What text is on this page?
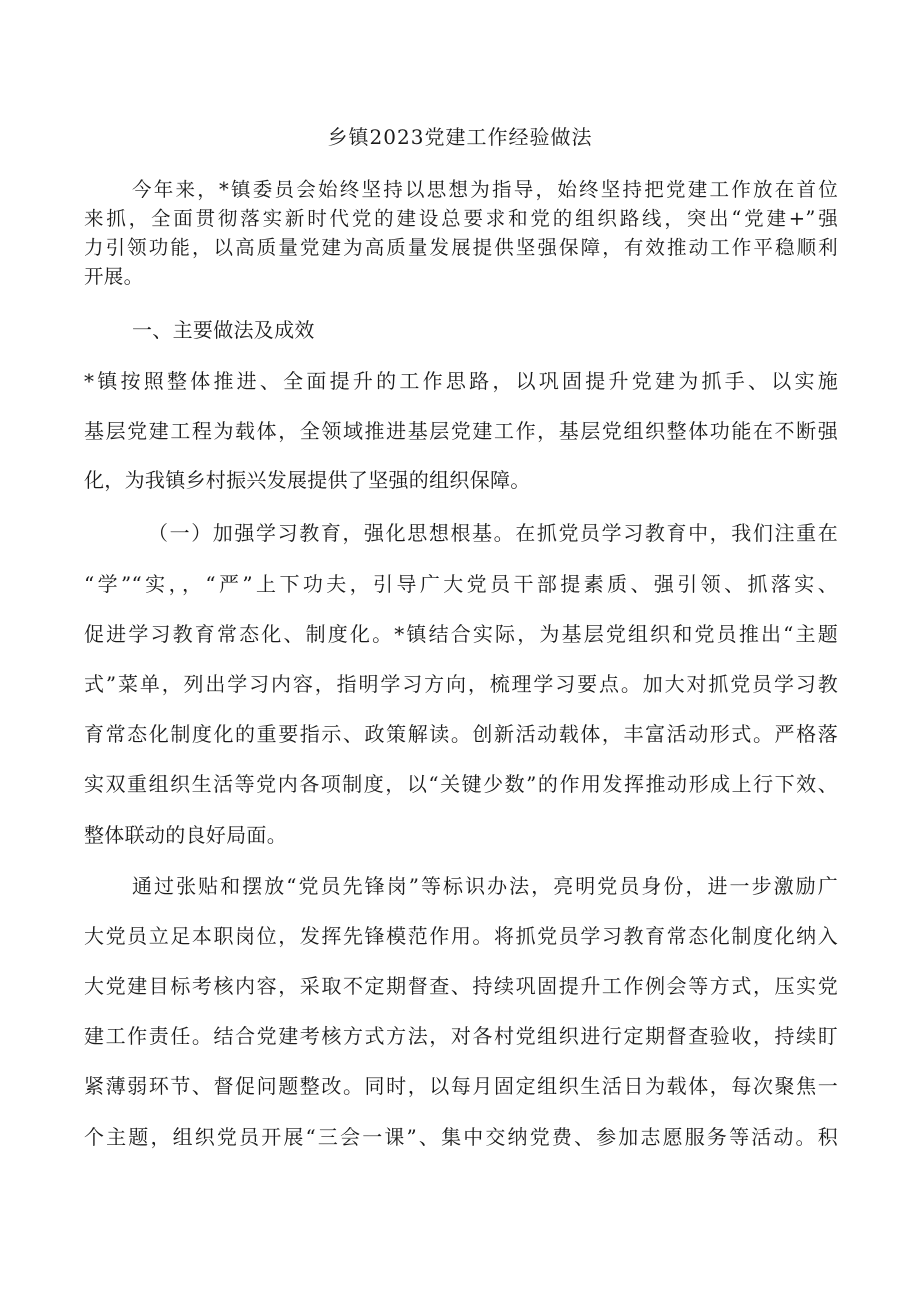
乡镇2023党建工作经验做法
今年来，*镇委员会始终坚持以思想为指导，始终坚持把党建工作放在首位
来抓，全面贯彻落实新时代党的建设总要求和党的组织路线，突出“党建+”强
力引领功能，以高质量党建为高质量发展提供坚强保障，有效推动工作平稳顺利
开展。
一、主要做法及成效
*镇按照整体推进、全面提升的工作思路，以巩固提升党建为抓手、以实施
基层党建工程为载体，全领域推进基层党建工作，基层党组织整体功能在不断强
化，为我镇乡村振兴发展提供了坚强的组织保障。
（一）加强学习教育，强化思想根基。在抓党员学习教育中，我们注重在
“学”“实，，“严”上下功夫，引导广大党员干部提素质、强引领、抓落实、
促进学习教育常态化、制度化。*镇结合实际，为基层党组织和党员推出“主题
式”菜单，列出学习内容，指明学习方向，梳理学习要点。加大对抓党员学习教
育常态化制度化的重要指示、政策解读。创新活动载体，丰富活动形式。严格落
实双重组织生活等党内各项制度，以“关键少数”的作用发挥推动形成上行下效、
整体联动的良好局面。
通过张贴和摆放“党员先锋岗”等标识办法，亮明党员身份，进一步激励广
大党员立足本职岗位，发挥先锋模范作用。将抓党员学习教育常态化制度化纳入
大党建目标考核内容，采取不定期督查、持续巩固提升工作例会等方式，压实党
建工作责任。结合党建考核方式方法，对各村党组织进行定期督查验收，持续盯
紧薄弱环节、督促问题整改。同时，以每月固定组织生活日为载体，每次聚焦一
个主题，组织党员开展“三会一课”、集中交纳党费、参加志愿服务等活动。积
